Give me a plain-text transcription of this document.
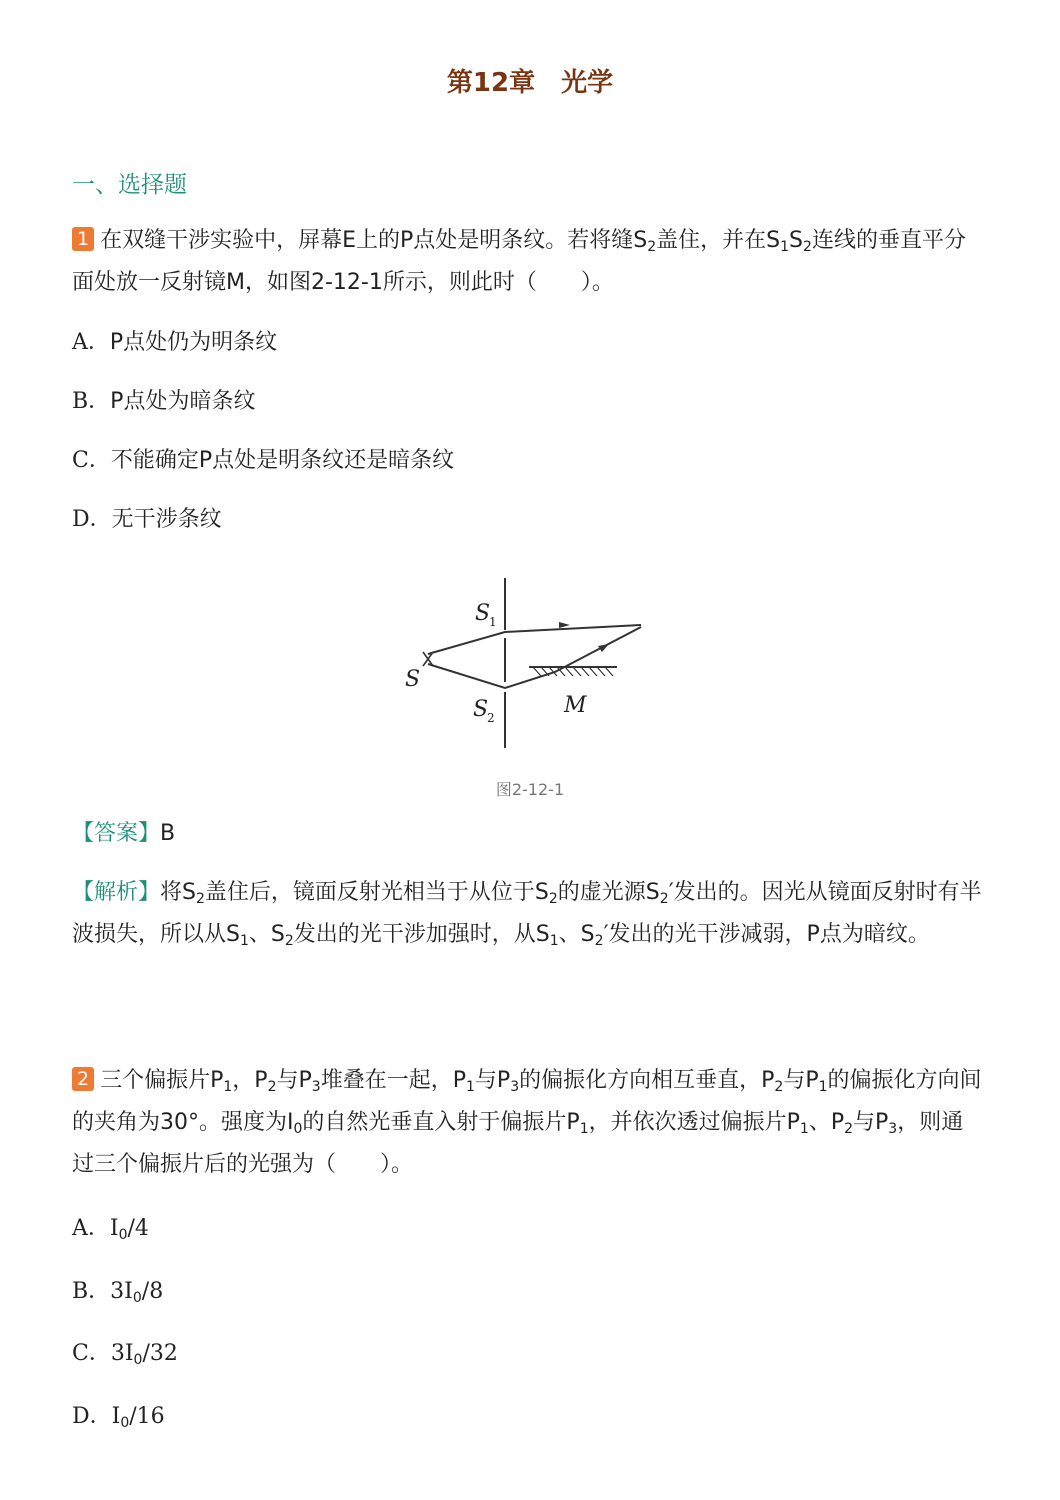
第12章　光学
一、选择题
1 在双缝干涉实验中，屏幕E上的P点处是明条纹。若将缝$S_2$盖住，并在$S_1S_2$连线的垂直平分面处放一反射镜M，如图2-12-1所示，则此时（　　）。
A．P点处仍为明条纹
B．P点处为暗条纹
C．不能确定P点处是明条纹还是暗条纹
D．无干涉条纹
S
1
S
S
2	M
图2-12-1
【答案】B
【解析】将$S_2$盖住后，镜面反射光相当于从位于$S_2$的虚光源$S_2'$发出的。因光从镜面反射时有半波损失，所以从$S_1$、$S_2$发出的光干涉加强时，从$S_1$、$S_2'$发出的光干涉减弱，P点为暗纹。
2 三个偏振片$P_1$，$P_2$与$P_3$堆叠在一起，$P_1$与$P_3$的偏振化方向相互垂直，$P_2$与$P_1$的偏振化方向间的夹角为30°。强度为$I_0$的自然光垂直入射于偏振片$P_1$，并依次透过偏振片$P_1$、$P_2$与$P_3$，则通过三个偏振片后的光强为（　　）。
A．$I_0/4$
B．$3I_0/8$
C．$3I_0/32$
D．$I_0/16$
